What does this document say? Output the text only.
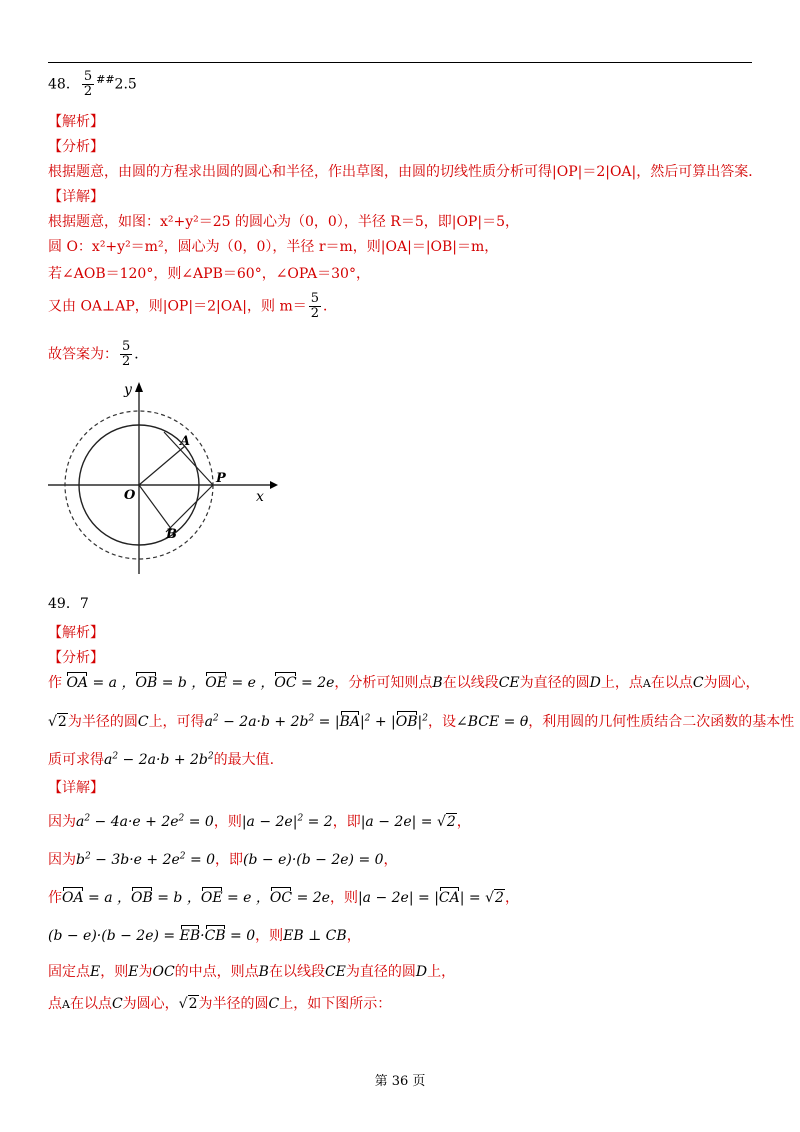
48． $\frac{5}{2} ^{\#\#}2.5$
【解析】
【分析】
根据题意，由圆的方程求出圆的圆心和半径，作出草图，由圆的切线性质分析可得|OP|＝2|OA|，然后可算出答案．
【详解】
根据题意，如图：x²+y²＝25 的圆心为（0，0），半径 R＝5，即|OP|＝5，
圆 O：x²+y²＝m²，圆心为（0，0），半径 r＝m，则|OA|＝|OB|＝m，
若∠AOB＝120°，则∠APB＝60°，∠OPA＝30°，
又由 OA⊥AP，则|OP|＝2|OA|，则 $m= \frac{5}{2}$ ．
故答案为： $\frac{5}{2}$ ．
y
x
O
A
B
P
49．7
【解析】
【分析】
作 OA = a ，OB = b ，OE = e ，OC = 2e，分析可知则点B在以线段CE为直径的圆D上，点A在以点C为圆心，
√2为半径的圆C上，可得$a^2 - 2a\cdot b + 2b^2 = |BA|^2 + |OB|^2$，设∠BCE = θ，利用圆的几何性质结合二次函数的基本性
质可求得$a^2 - 2a\cdot b + 2b^2$的最大值.
【详解】
因为$a^2 - 4a\cdot e + 2e^2 = 0$，则$|a - 2e|^2 = 2$，即|a − 2e| = √2，
因为$b^2 - 3b\cdot e + 2e^2 = 0$，即(b − e)·(b − 2e) = 0，
作OA = a ，OB = b ，OE = e ，OC = 2e，则|a − 2e| = |CA| = √2，
(b − e)·(b − 2e) = EB·CB = 0，则EB ⊥ CB，
固定点E，则E为OC的中点，则点B在以线段CE为直径的圆D上，
点A在以点C为圆心，√2为半径的圆C上，如下图所示：
第 36 页
